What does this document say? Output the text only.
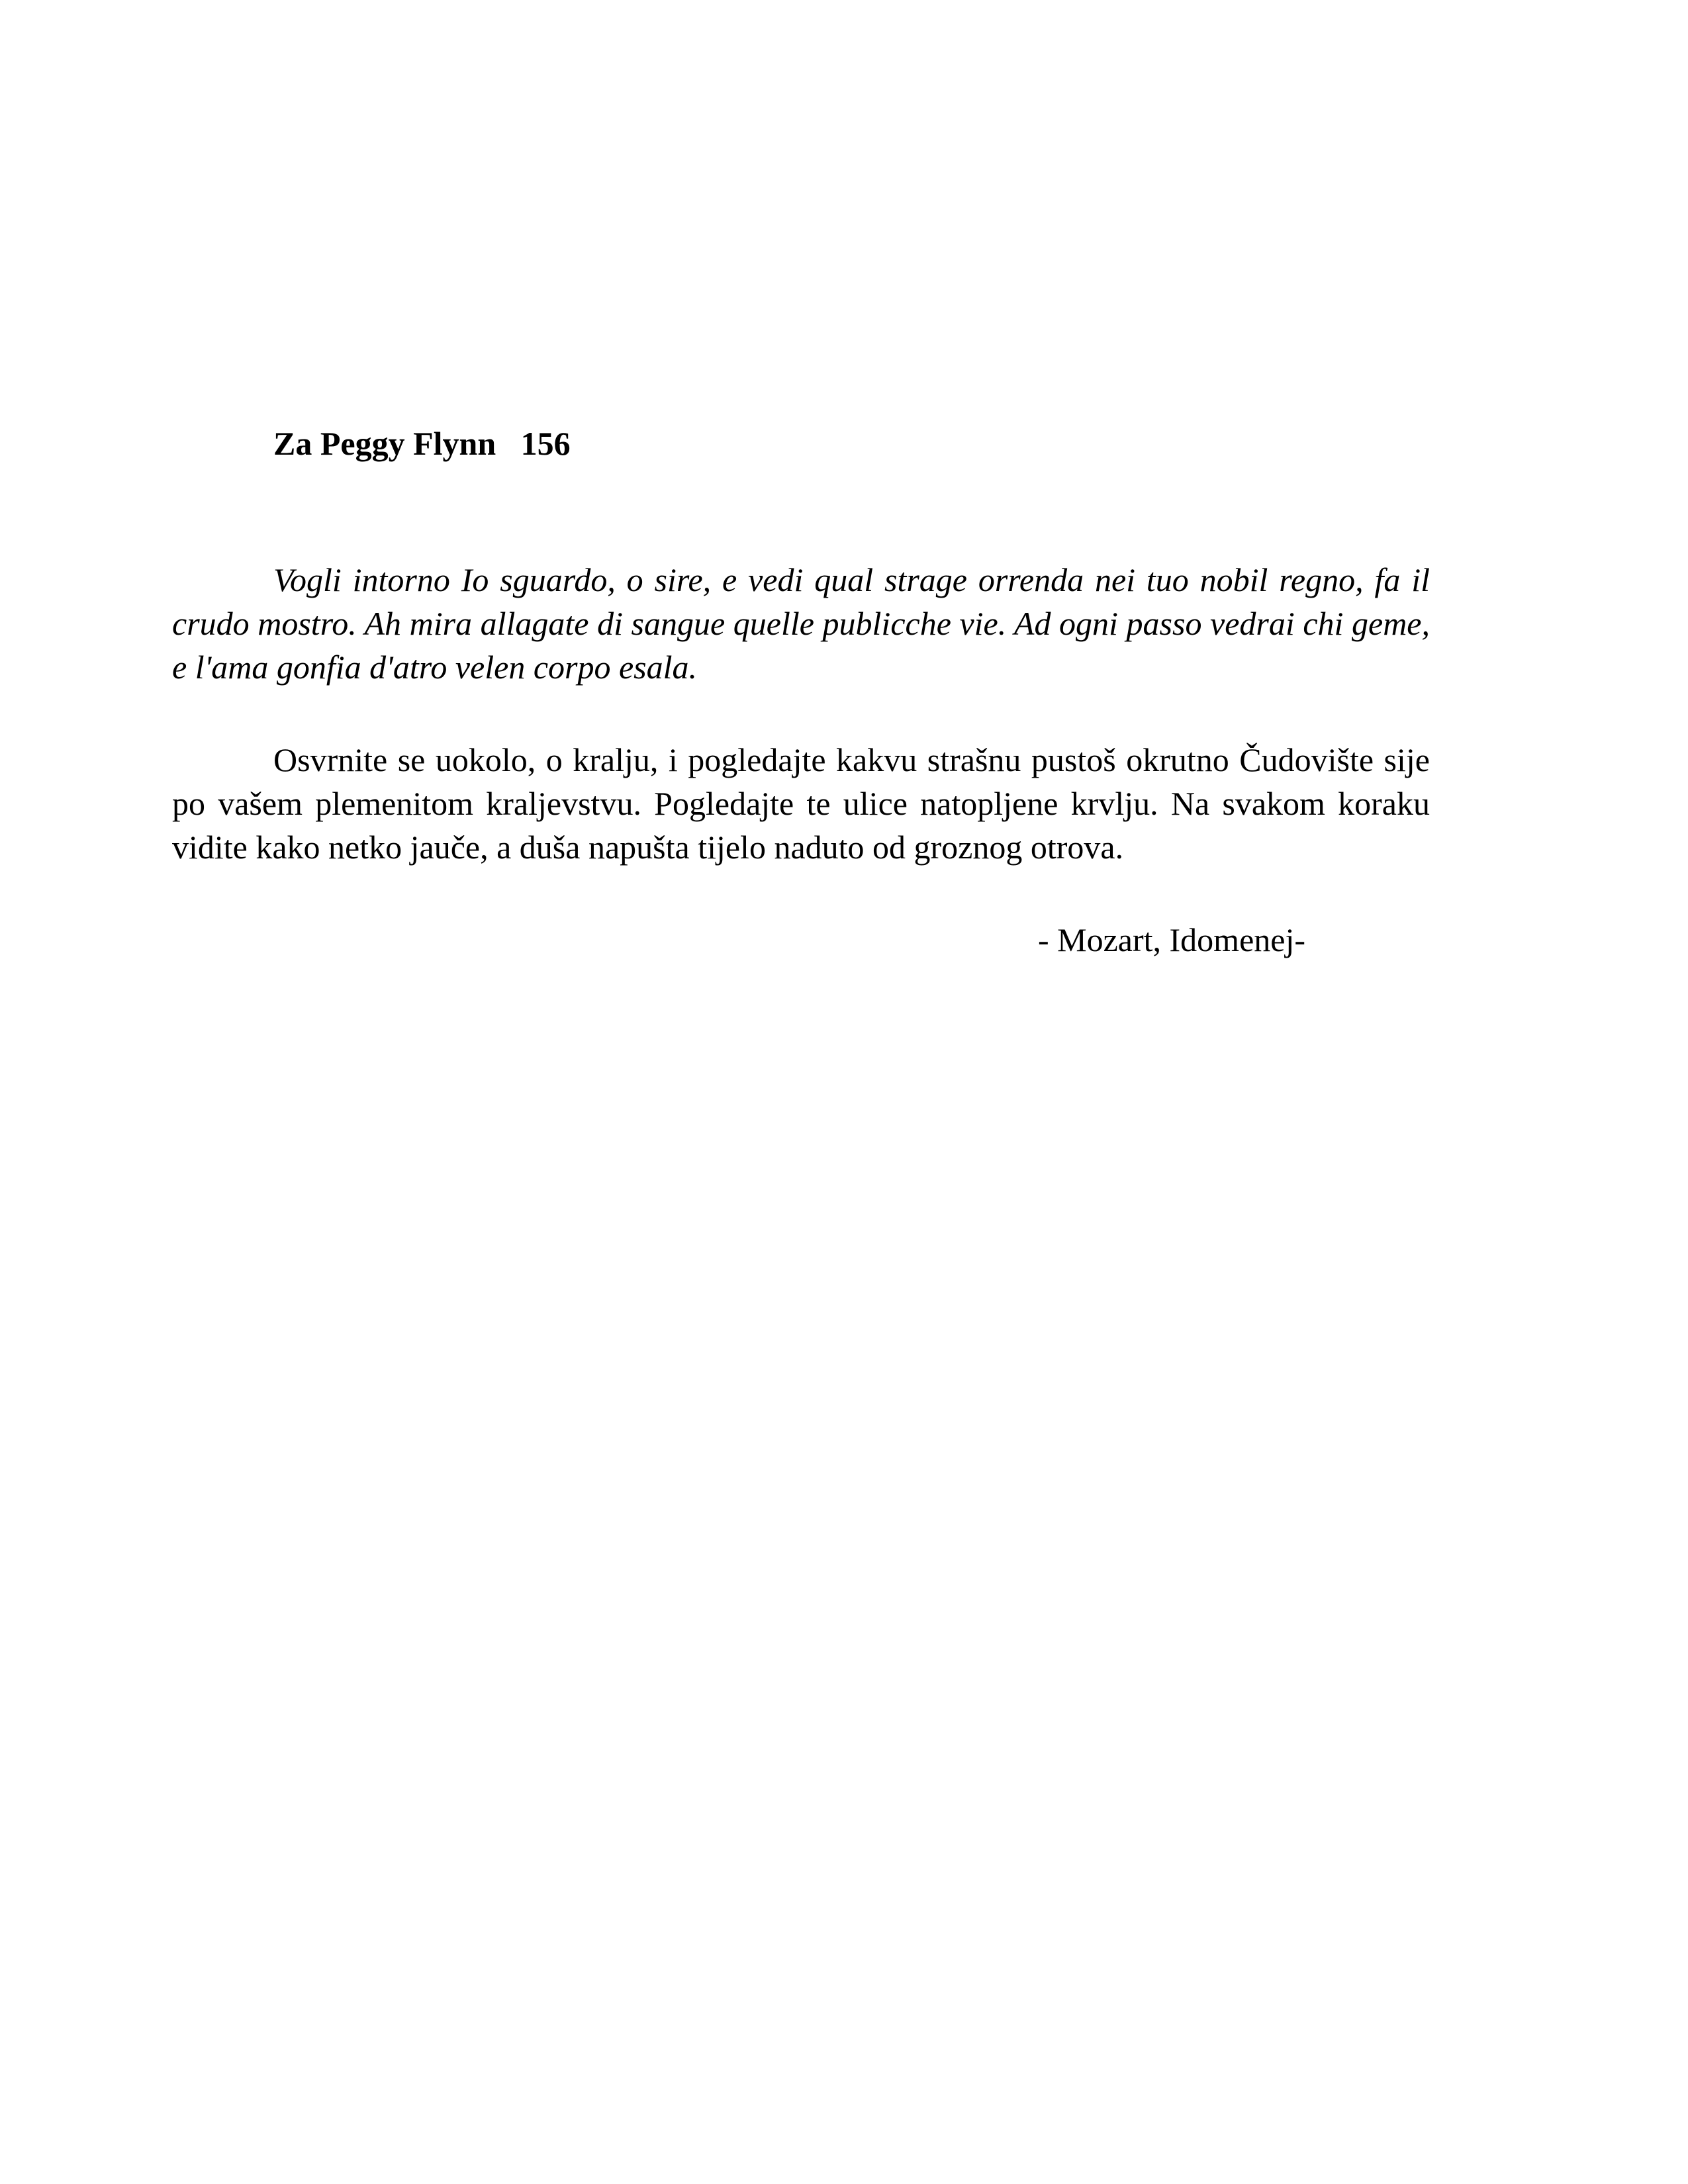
Za Peggy Flynn   156

Vogli intorno Io sguardo, o sire, e vedi qual strage orrenda nei tuo nobil regno, fa il crudo mostro. Ah mira allagate di sangue quelle publicche vie. Ad ogni passo vedrai chi geme, e l'ama gonfia d'atro velen corpo esala.

Osvrnite se uokolo, o kralju, i pogledajte kakvu strašnu pustoš okrutno Čudovište sije po vašem plemenitom kraljevstvu. Pogledajte te ulice natopljene krvlju. Na svakom koraku vidite kako netko jauče, a duša napušta tijelo naduto od groznog otrova.

- Mozart, Idomenej-
